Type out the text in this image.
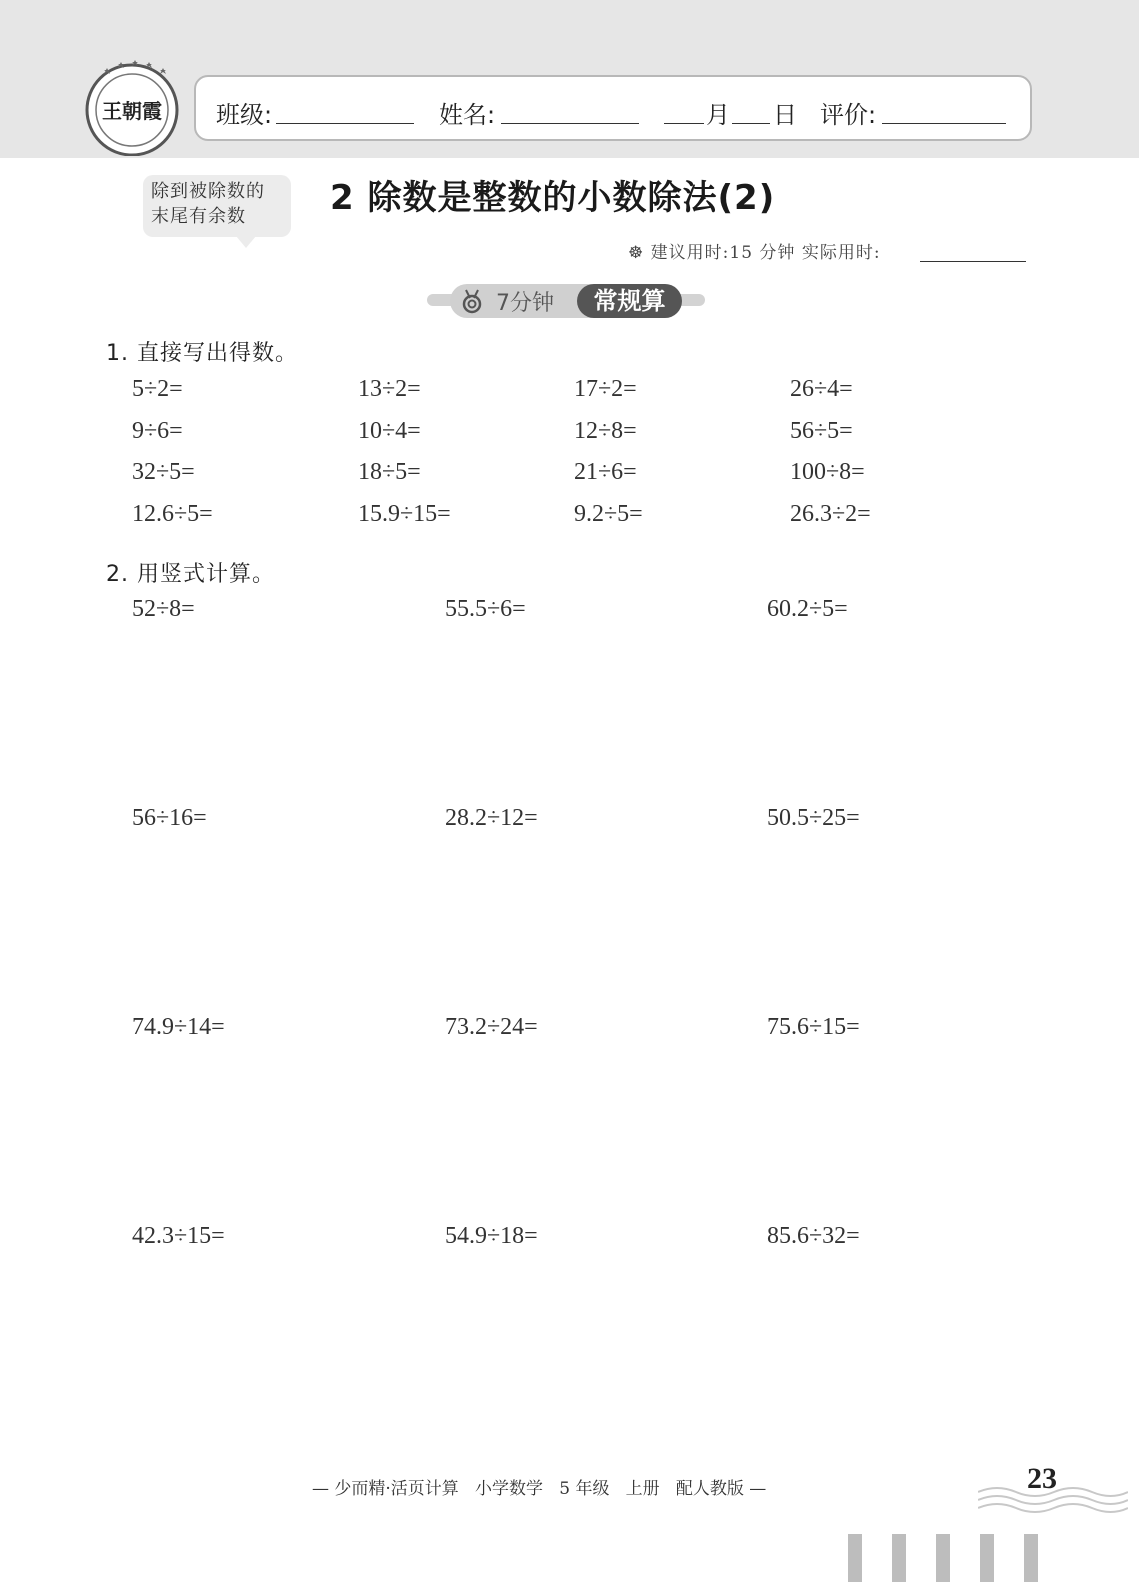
王朝霞 班级:	姓名:	月 日 评价:
除到被除数的
末尾有余数	2 除数是整数的小数除法(2)
☸ 建议用时:15 分钟 实际用时:
7分钟	常规算
1. 直接写出得数。
5÷2=	13÷2=	17÷2=	26÷4=
9÷6=	10÷4=	12÷8=	56÷5=
32÷5=	18÷5=	21÷6=	100÷8=
12.6÷5=	15.9÷15=	9.2÷5=	26.3÷2=
2. 用竖式计算。
52÷8=	55.5÷6=	60.2÷5=
56÷16=	28.2÷12=	50.5÷25=
74.9÷14=	73.2÷24=	75.6÷15=
42.3÷15=	54.9÷18=	85.6÷32=
— 少而精·活页计算   小学数学   5 年级   上册   配人教版 —	23
